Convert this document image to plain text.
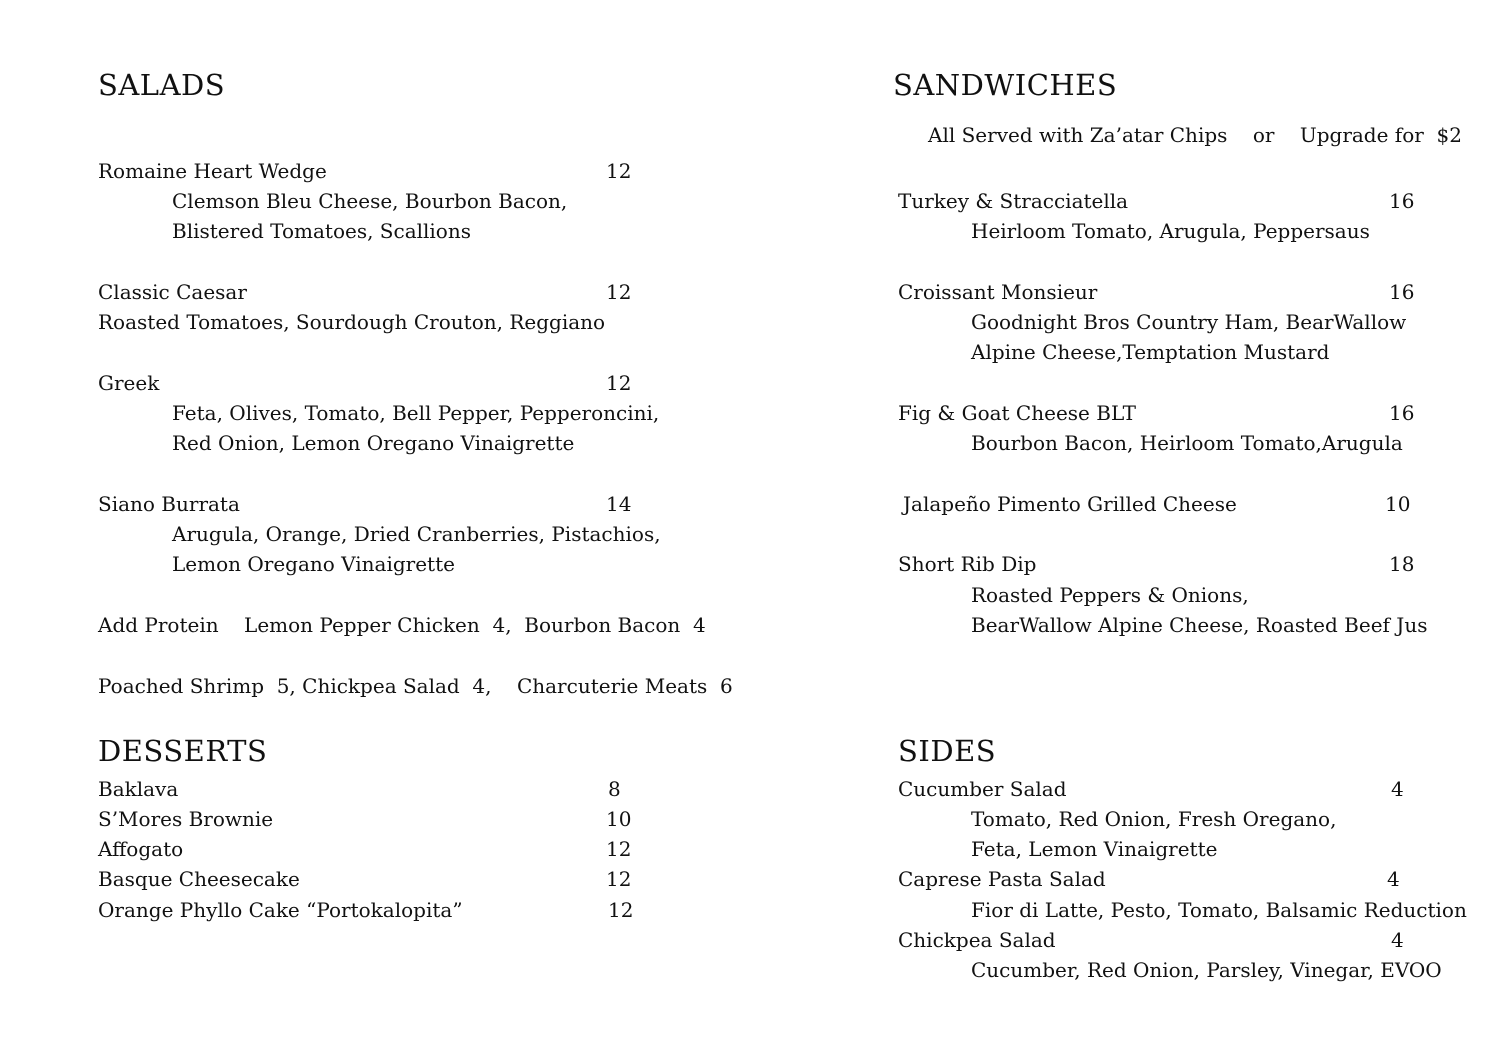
SALADS
Romaine Heart Wedge	12
Clemson Bleu Cheese, Bourbon Bacon,
Blistered Tomatoes, Scallions
Classic Caesar	12
Roasted Tomatoes, Sourdough Crouton, Reggiano
Greek	12
Feta, Olives, Tomato, Bell Pepper, Pepperoncini,
Red Onion, Lemon Oregano Vinaigrette
Siano Burrata	14
Arugula, Orange, Dried Cranberries, Pistachios,
Lemon Oregano Vinaigrette
Add Protein    Lemon Pepper Chicken  4,  Bourbon Bacon  4
Poached Shrimp  5, Chickpea Salad  4,    Charcuterie Meats  6
DESSERTS
Baklava	8
S’Mores Brownie	10
Affogato	12
Basque Cheesecake	12
Orange Phyllo Cake “Portokalopita”	12
SANDWICHES
All Served with Za’atar Chips    or    Upgrade for  $2
Turkey & Stracciatella	16
Heirloom Tomato, Arugula, Peppersaus
Croissant Monsieur	16
Goodnight Bros Country Ham, BearWallow
Alpine Cheese,Temptation Mustard
Fig & Goat Cheese BLT	16
Bourbon Bacon, Heirloom Tomato,Arugula
Jalapeño Pimento Grilled Cheese	10
Short Rib Dip	18
Roasted Peppers & Onions,
BearWallow Alpine Cheese, Roasted Beef Jus
SIDES
Cucumber Salad	4
Tomato, Red Onion, Fresh Oregano,
Feta, Lemon Vinaigrette
Caprese Pasta Salad	4
Fior di Latte, Pesto, Tomato, Balsamic Reduction
Chickpea Salad	4
Cucumber, Red Onion, Parsley, Vinegar, EVOO
